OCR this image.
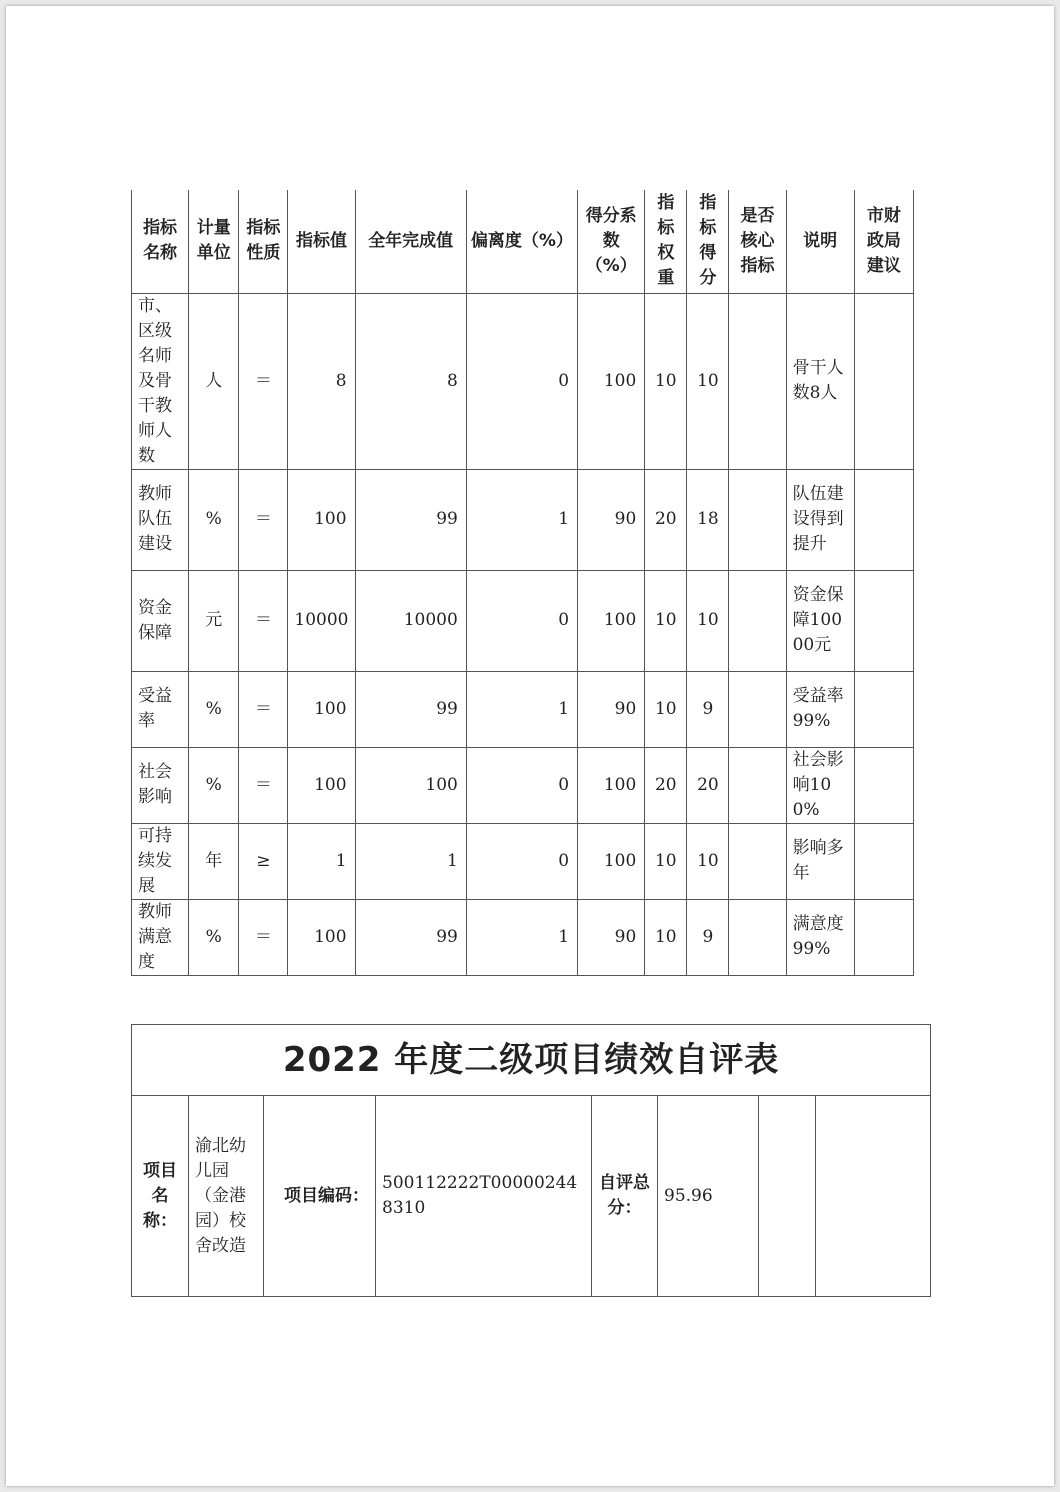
指标名称	计量单位	指标性质	指标值	全年完成值	偏离度（%）	得分系数（%）	指标权重	指标得分	是否核心指标	说明	市财政局建议
市、区级名师及骨干教师人数	人	＝	8	8	0	100	10	10		骨干人数8人	
教师队伍建设	%	＝	100	99	1	90	20	18		队伍建设得到提升	
资金保障	元	＝	10000	10000	0	100	10	10		资金保障10000元	
受益率	%	＝	100	99	1	90	10	9		受益率99%	
社会影响	%	＝	100	100	0	100	20	20		社会影响100%	
可持续发展	年	≥	1	1	0	100	10	10		影响多年	
教师满意度	%	＝	100	99	1	90	10	9		满意度99%	
2022 年度二级项目绩效自评表
项目名称：	渝北幼儿园（金港园）校舍改造	项目编码：	500112222T000002448310	自评总分：	95.96		
